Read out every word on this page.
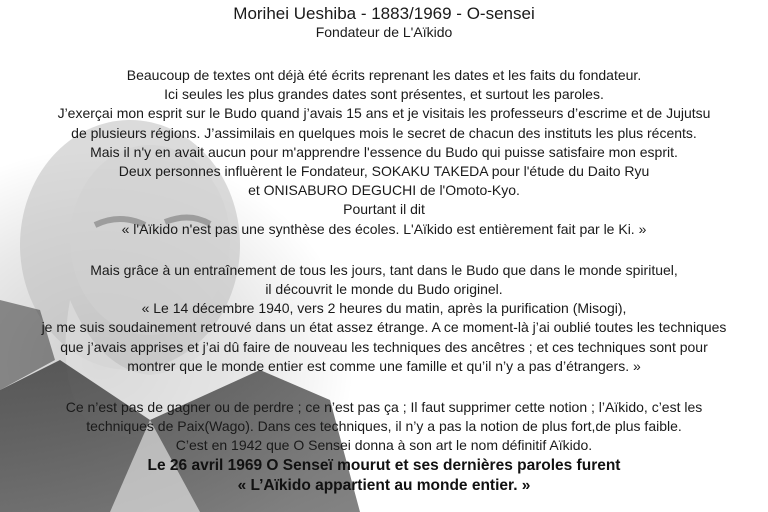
Morihei Ueshiba - 1883/1969 - O-sensei
Fondateur de L'Aïkido
Beaucoup de textes ont déjà été écrits reprenant les dates et les faits du fondateur.
Ici seules les plus grandes dates sont présentes, et surtout les paroles.
J’exerçai mon esprit sur le Budo quand j’avais 15 ans et je visitais les professeurs d’escrime et de Jujutsu
de plusieurs régions. J’assimilais en quelques mois le secret de chacun des instituts les plus récents.
Mais il n'y en avait aucun pour m'apprendre l'essence du Budo qui puisse satisfaire mon esprit.
Deux personnes influèrent le Fondateur, SOKAKU TAKEDA pour l'étude du Daito Ryu
et ONISABURO DEGUCHI de l'Omoto-Kyo.
Pourtant il dit
« l'Aïkido n'est pas une synthèse des écoles. L'Aïkido est entièrement fait par le Ki. »
Mais grâce à un entraînement de tous les jours, tant dans le Budo que dans le monde spirituel,
il découvrit le monde du Budo originel.
« Le 14 décembre 1940, vers 2 heures du matin, après la purification (Misogi),
je me suis soudainement retrouvé dans un état assez étrange. A ce moment-là j’ai oublié toutes les techniques
que j’avais apprises et j’ai dû faire de nouveau les techniques des ancêtres ; et ces techniques sont pour
montrer que le monde entier est comme une famille et qu’il n’y a pas d’étrangers. »
Ce n’est pas de gagner ou de perdre ; ce n’est pas ça ; Il faut supprimer cette notion ; l’Aïkido, c’est les
techniques de Paix(Wago). Dans ces techniques, il n’y a pas la notion de plus fort,de plus faible.
C’est en 1942 que O Sensei donna à son art le nom définitif Aïkido.
Le 26 avril 1969 O Senseï mourut et ses dernières paroles furent
« L’Aïkido appartient au monde entier. »
